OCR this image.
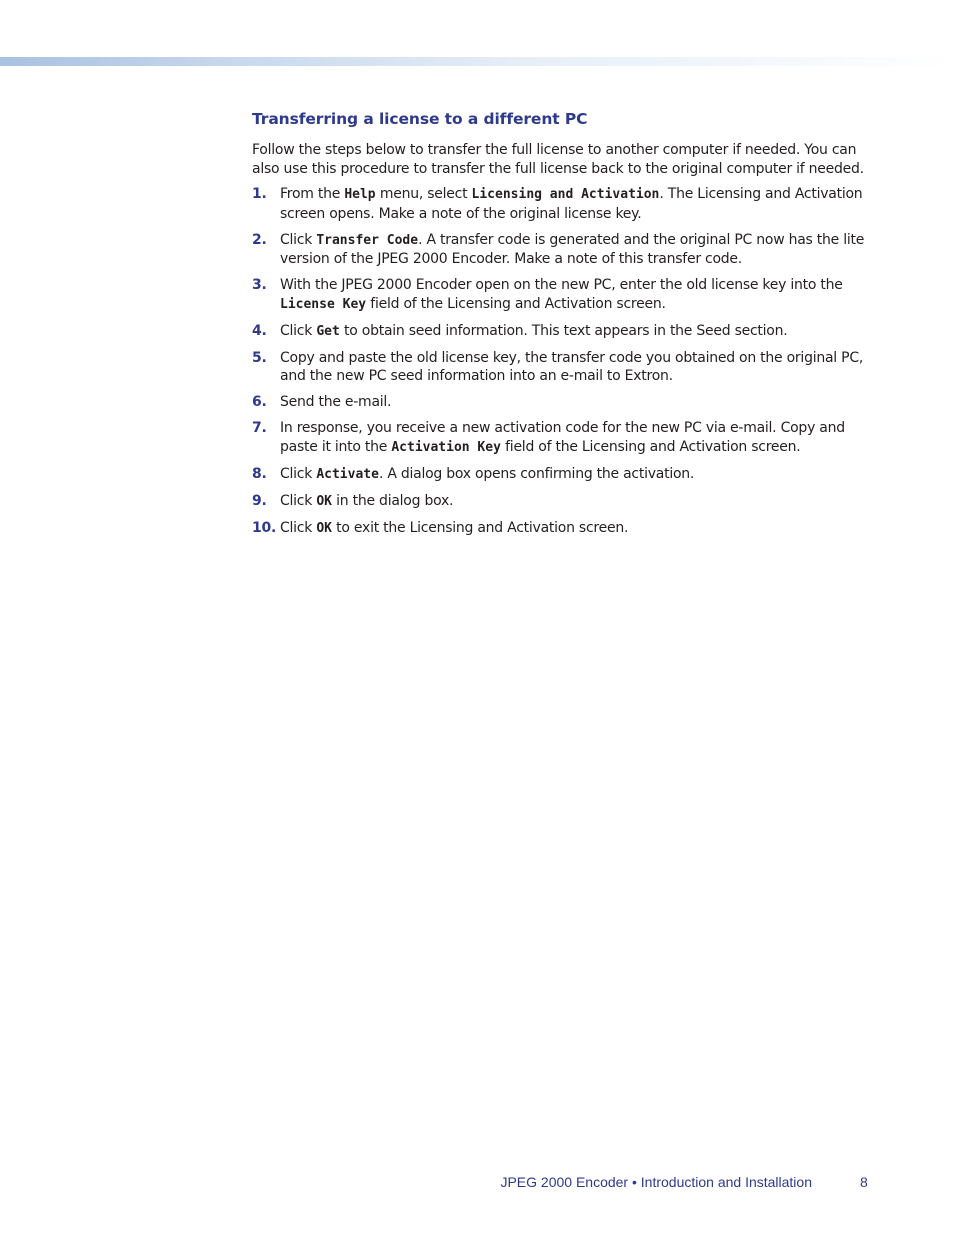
Transferring a license to a different PC

Follow the steps below to transfer the full license to another computer if needed. You can also use this procedure to transfer the full license back to the original computer if needed.

1. From the Help menu, select Licensing and Activation. The Licensing and Activation screen opens. Make a note of the original license key.
2. Click Transfer Code. A transfer code is generated and the original PC now has the lite version of the JPEG 2000 Encoder. Make a note of this transfer code.
3. With the JPEG 2000 Encoder open on the new PC, enter the old license key into the License Key field of the Licensing and Activation screen.
4. Click Get to obtain seed information. This text appears in the Seed section.
5. Copy and paste the old license key, the transfer code you obtained on the original PC, and the new PC seed information into an e-mail to Extron.
6. Send the e-mail.
7. In response, you receive a new activation code for the new PC via e-mail. Copy and paste it into the Activation Key field of the Licensing and Activation screen.
8. Click Activate. A dialog box opens confirming the activation.
9. Click OK in the dialog box.
10. Click OK to exit the Licensing and Activation screen.
JPEG 2000 Encoder • Introduction and Installation	8
